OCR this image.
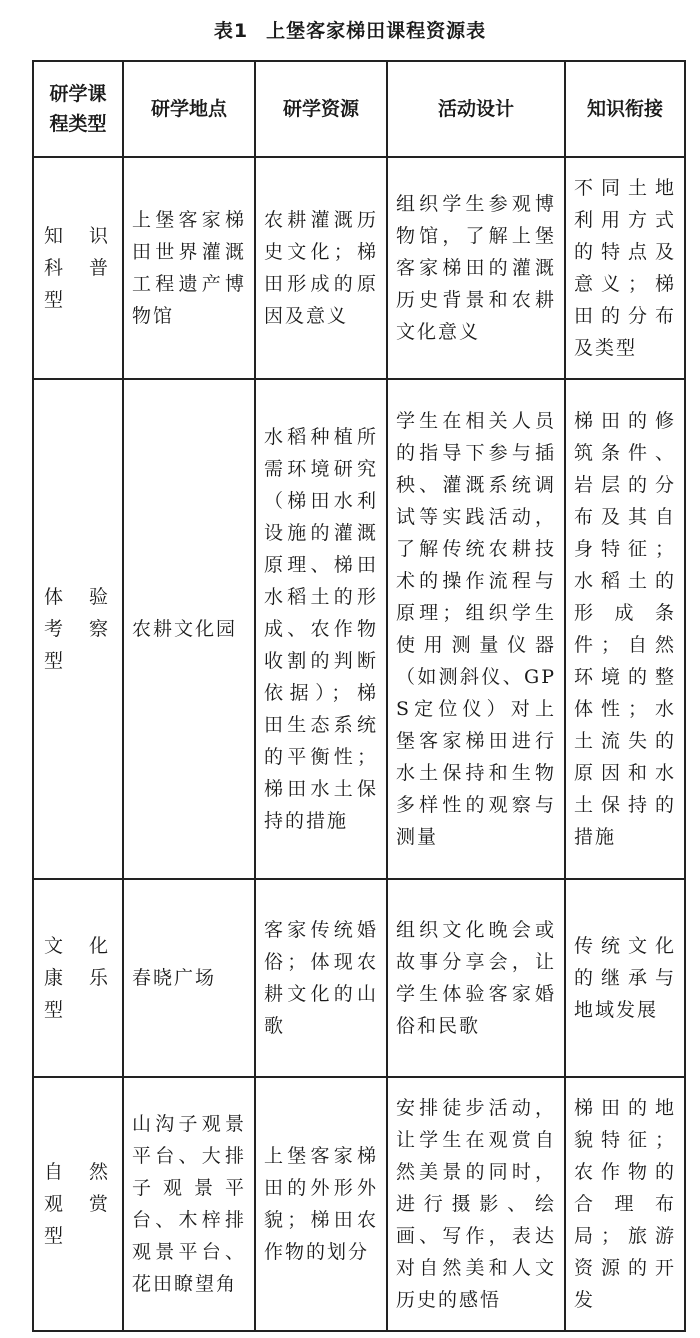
表1 上堡客家梯田课程资源表
研学课程类型	研学地点	研学资源	活动设计	知识衔接
知识科普型	上堡客家梯田世界灌溉工程遗产博物馆	农耕灌溉历史文化；梯田形成的原因及意义	组织学生参观博物馆，了解上堡客家梯田的灌溉历史背景和农耕文化意义	不同土地利用方式的特点及意义；梯田的分布及类型
体验考察型	农耕文化园	水稻种植所需环境研究（梯田水利设施的灌溉原理、梯田水稻土的形成、农作物收割的判断依据）；梯田生态系统的平衡性；梯田水土保持的措施	学生在相关人员的指导下参与插秧、灌溉系统调试等实践活动，了解传统农耕技术的操作流程与原理；组织学生使用测量仪器（如测斜仪、GPS定位仪）对上堡客家梯田进行水土保持和生物多样性的观察与测量	梯田的修筑条件、岩层的分布及其自身特征；水稻土的形成条件；自然环境的整体性；水土流失的原因和水土保持的措施
文化康乐型	春晓广场	客家传统婚俗；体现农耕文化的山歌	组织文化晚会或故事分享会，让学生体验客家婚俗和民歌	传统文化的继承与地域发展
自然观赏型	山沟子观景平台、大排子观景平台、木梓排观景平台、花田瞭望角	上堡客家梯田的外形外貌；梯田农作物的划分	安排徒步活动，让学生在观赏自然美景的同时，进行摄影、绘画、写作，表达对自然美和人文历史的感悟	梯田的地貌特征；农作物的合理布局；旅游资源的开发
